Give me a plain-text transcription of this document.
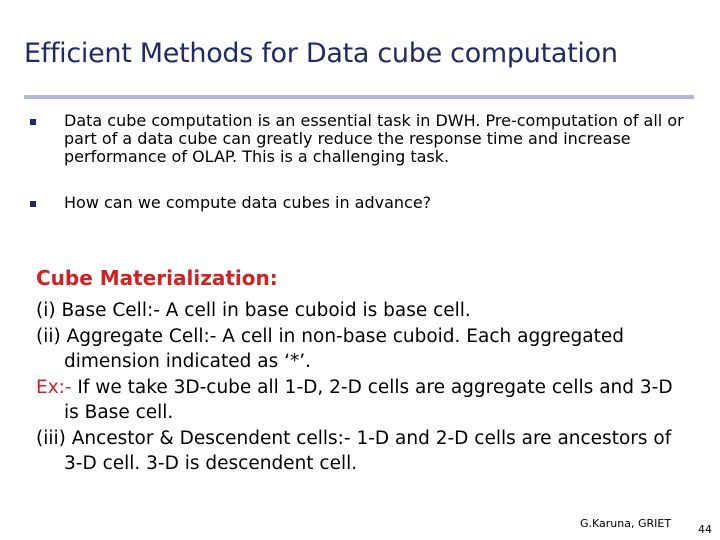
Efficient Methods for Data cube computation
Data cube computation is an essential task in DWH. Pre-computation of all or part of a data cube can greatly reduce the response time and increase performance of OLAP. This is a challenging task.
How can we compute data cubes in advance?
Cube Materialization:
(i) Base Cell:- A cell in base cuboid is base cell.
(ii) Aggregate Cell:- A cell in non-base cuboid. Each aggregated dimension indicated as ‘*’.
Ex:- If we take 3D-cube all 1-D, 2-D cells are aggregate cells and 3-D is Base cell.
(iii) Ancestor & Descendent cells:- 1-D and 2-D cells are ancestors of 3-D cell. 3-D is descendent cell.
G.Karuna, GRIET 44
